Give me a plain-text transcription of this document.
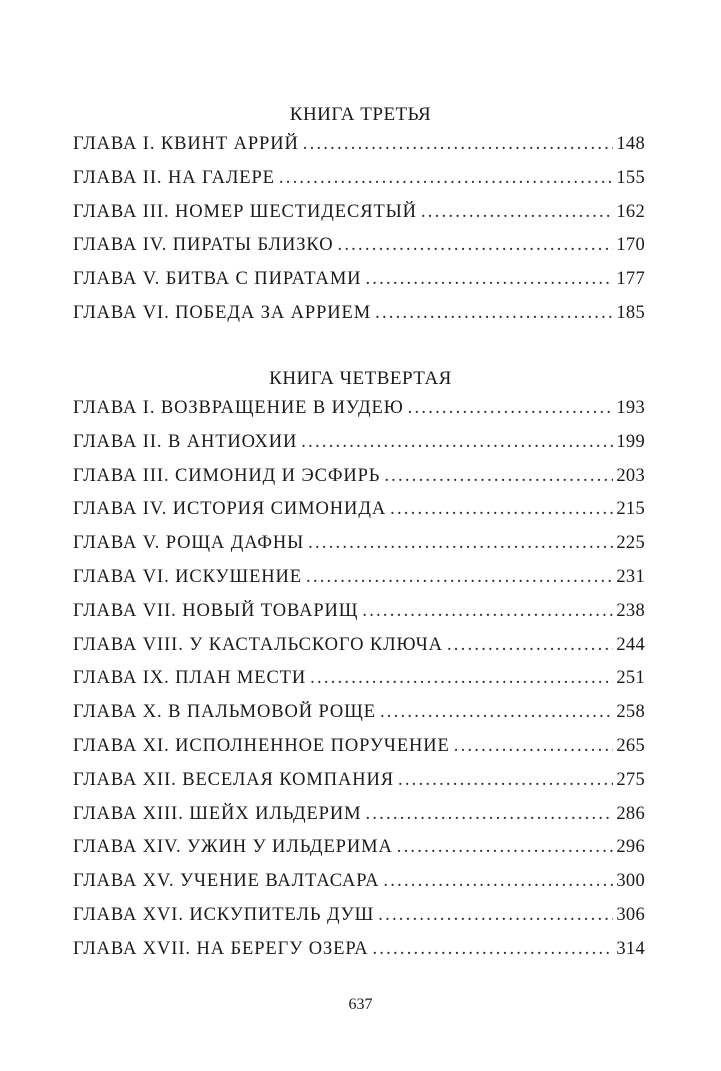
КНИГА ТРЕТЬЯ
ГЛАВА I. КВИНТ АРРИЙ . . .	148
ГЛАВА II. НА ГАЛЕРЕ . . .	155
ГЛАВА III. НОМЕР ШЕСТИДЕСЯТЫЙ . . .	162
ГЛАВА IV. ПИРАТЫ БЛИЗКО . . .	170
ГЛАВА V. БИТВА С ПИРАТАМИ . . .	177
ГЛАВА VI. ПОБЕДА ЗА АРРИЕМ . . .	185
КНИГА ЧЕТВЕРТАЯ
ГЛАВА I. ВОЗВРАЩЕНИЕ В ИУДЕЮ . . .	193
ГЛАВА II. В АНТИОХИИ . . .	199
ГЛАВА III. СИМОНИД И ЭСФИРЬ . . .	203
ГЛАВА IV. ИСТОРИЯ СИМОНИДА . . .	215
ГЛАВА V. РОЩА ДАФНЫ . . .	225
ГЛАВА VI. ИСКУШЕНИЕ . . .	231
ГЛАВА VII. НОВЫЙ ТОВАРИЩ . . .	238
ГЛАВА VIII. У КАСТАЛЬСКОГО КЛЮЧА . . .	244
ГЛАВА IX. ПЛАН МЕСТИ . . .	251
ГЛАВА X. В ПАЛЬМОВОЙ РОЩЕ . . .	258
ГЛАВА XI. ИСПОЛНЕННОЕ ПОРУЧЕНИЕ . . .	265
ГЛАВА XII. ВЕСЕЛАЯ КОМПАНИЯ . . .	275
ГЛАВА XIII. ШЕЙХ ИЛЬДЕРИМ . . .	286
ГЛАВА XIV. УЖИН У ИЛЬДЕРИМА . . .	296
ГЛАВА XV. УЧЕНИЕ ВАЛТАСАРА . . .	300
ГЛАВА XVI. ИСКУПИТЕЛЬ ДУШ . . .	306
ГЛАВА XVII. НА БЕРЕГУ ОЗЕРА . . .	314
637
